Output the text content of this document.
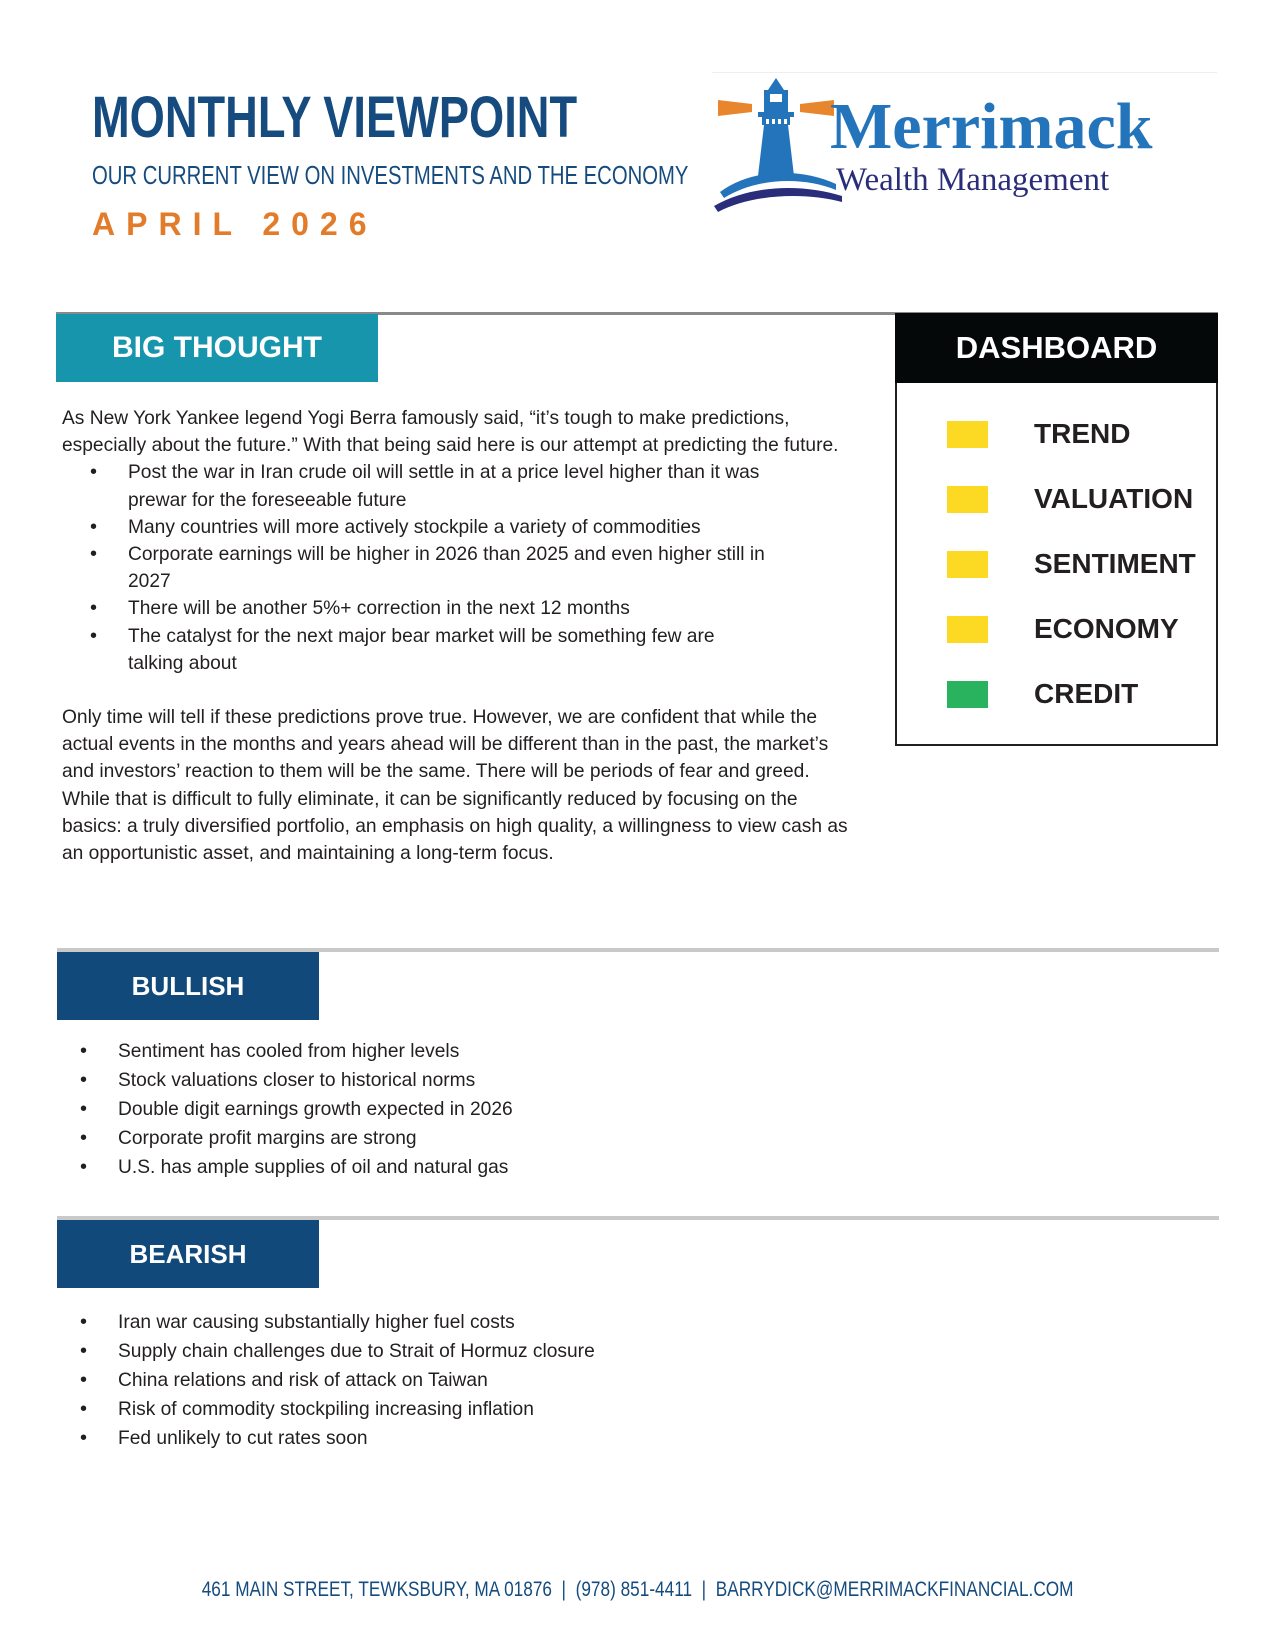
MONTHLY VIEWPOINT
OUR CURRENT VIEW ON INVESTMENTS AND THE ECONOMY
APRIL 2026
Merrimack
Wealth Management
BIG THOUGHT

As New York Yankee legend Yogi Berra famously said, “it’s tough to make predictions, especially about the future.” With that being said here is our attempt at predicting the future.

• Post the war in Iran crude oil will settle in at a price level higher than it was prewar for the foreseeable future
• Many countries will more actively stockpile a variety of commodities
• Corporate earnings will be higher in 2026 than 2025 and even higher still in 2027
• There will be another 5%+ correction in the next 12 months
• The catalyst for the next major bear market will be something few are talking about

Only time will tell if these predictions prove true. However, we are confident that while the actual events in the months and years ahead will be different than in the past, the market’s and investors’ reaction to them will be the same. There will be periods of fear and greed. While that is difficult to fully eliminate, it can be significantly reduced by focusing on the basics: a truly diversified portfolio, an emphasis on high quality, a willingness to view cash as an opportunistic asset, and maintaining a long-term focus.

DASHBOARD
TREND
VALUATION
SENTIMENT
ECONOMY
CREDIT
BULLISH
• Sentiment has cooled from higher levels
• Stock valuations closer to historical norms
• Double digit earnings growth expected in 2026
• Corporate profit margins are strong
• U.S. has ample supplies of oil and natural gas
BEARISH
• Iran war causing substantially higher fuel costs
• Supply chain challenges due to Strait of Hormuz closure
• China relations and risk of attack on Taiwan
• Risk of commodity stockpiling increasing inflation
• Fed unlikely to cut rates soon
461 MAIN STREET, TEWKSBURY, MA 01876 | (978) 851-4411 | BARRYDICK@MERRIMACKFINANCIAL.COM
